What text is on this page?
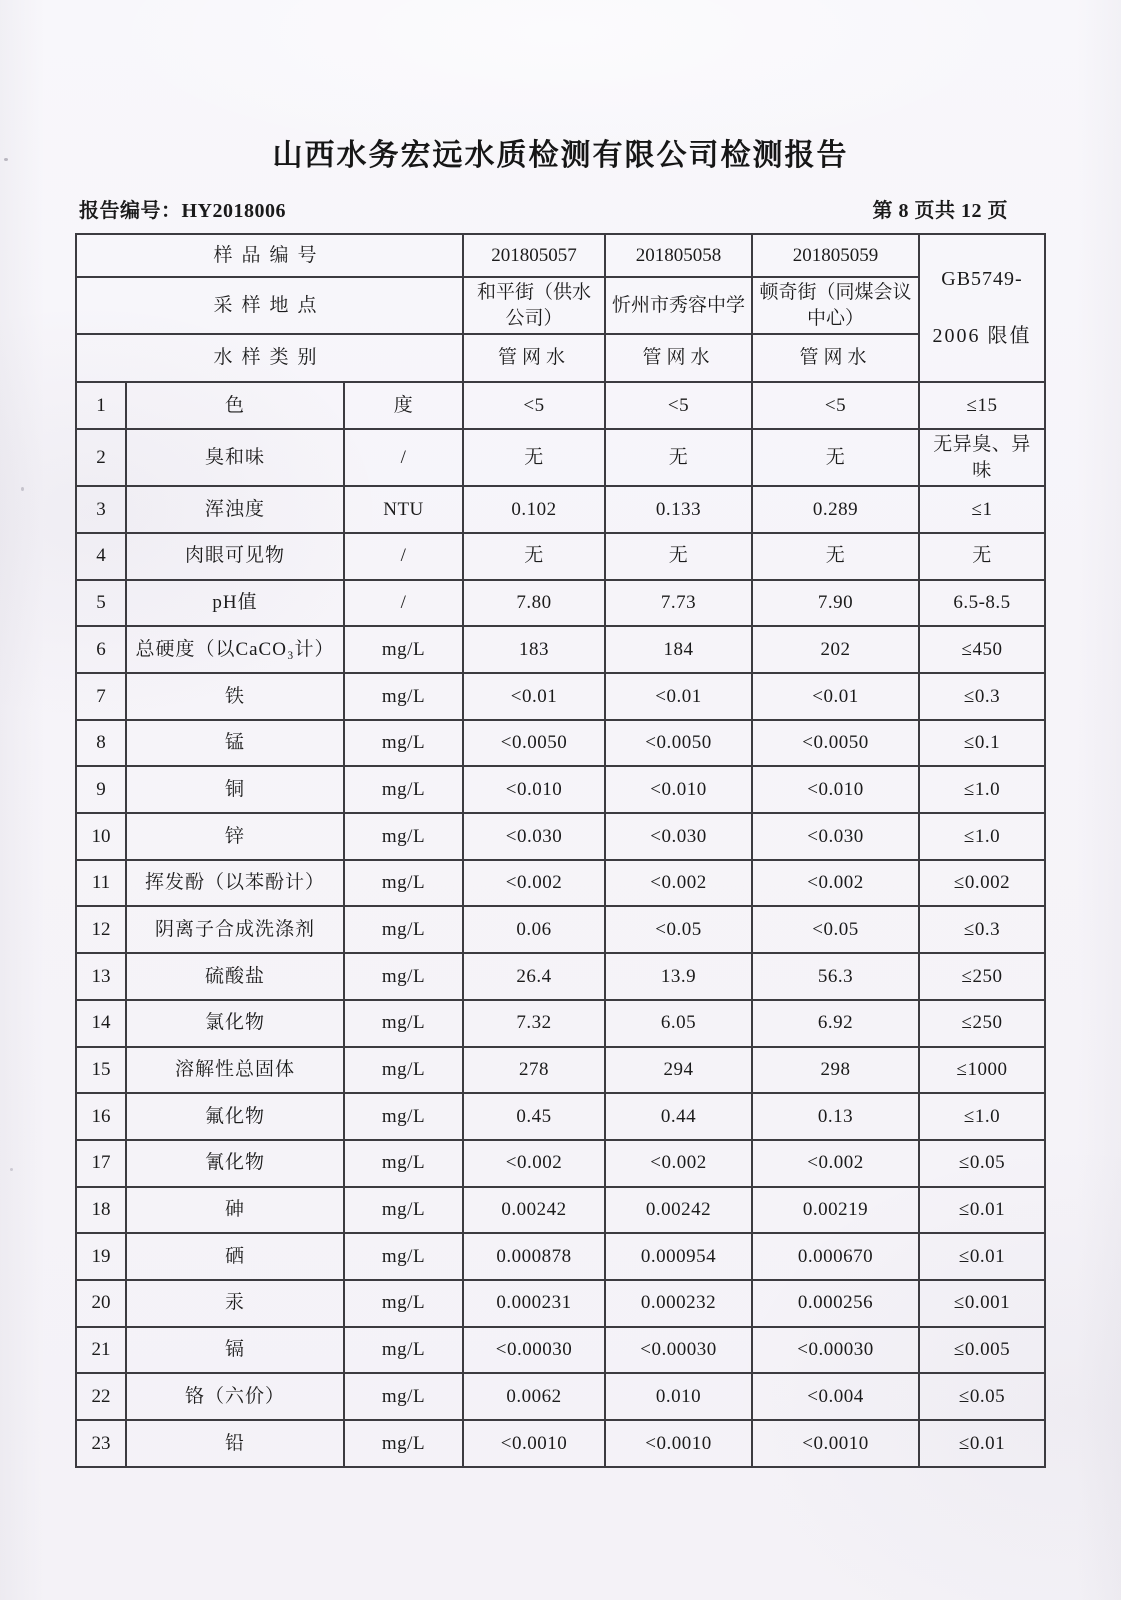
山西水务宏远水质检测有限公司检测报告
报告编号：HY2018006	第 8 页共 12 页
样品编号			201805057	201805058	201805059	GB5749-
2006 限值

采样地点			和平街（供水公司）	忻州市秀容中学	顿奇街（同煤会议中心）	
水样类别			管网水	管网水	管网水	
1	色	度	<5	<5	<5	≤15
2	臭和味	/	无	无	无	无异臭、异味
3	浑浊度	NTU	0.102	0.133	0.289	≤1
4	肉眼可见物	/	无	无	无	无
5	pH值	/	7.80	7.73	7.90	6.5-8.5
6	总硬度（以CaCO₃计）	mg/L	183	184	202	≤450
7	铁	mg/L	<0.01	<0.01	<0.01	≤0.3
8	锰	mg/L	<0.0050	<0.0050	<0.0050	≤0.1
9	铜	mg/L	<0.010	<0.010	<0.010	≤1.0
10	锌	mg/L	<0.030	<0.030	<0.030	≤1.0
11	挥发酚（以苯酚计）	mg/L	<0.002	<0.002	<0.002	≤0.002
12	阴离子合成洗涤剂	mg/L	0.06	<0.05	<0.05	≤0.3
13	硫酸盐	mg/L	26.4	13.9	56.3	≤250
14	氯化物	mg/L	7.32	6.05	6.92	≤250
15	溶解性总固体	mg/L	278	294	298	≤1000
16	氟化物	mg/L	0.45	0.44	0.13	≤1.0
17	氰化物	mg/L	<0.002	<0.002	<0.002	≤0.05
18	砷	mg/L	0.00242	0.00242	0.00219	≤0.01
19	硒	mg/L	0.000878	0.000954	0.000670	≤0.01
20	汞	mg/L	0.000231	0.000232	0.000256	≤0.001
21	镉	mg/L	<0.00030	<0.00030	<0.00030	≤0.005
22	铬（六价）	mg/L	0.0062	0.010	<0.004	≤0.05
23	铅	mg/L	<0.0010	<0.0010	<0.0010	≤0.01
